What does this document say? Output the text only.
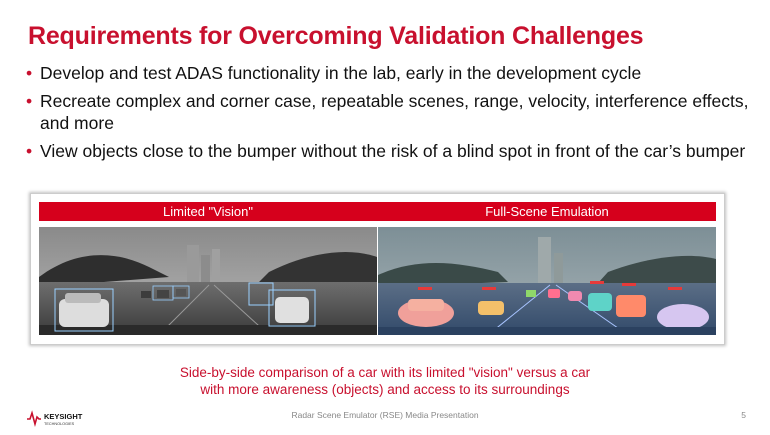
Requirements for Overcoming Validation Challenges
• Develop and test ADAS functionality in the lab, early in the development cycle
• Recreate complex and corner case, repeatable scenes, range, velocity, interference effects, and more
• View objects close to the bumper without the risk of a blind spot in front of the car’s bumper
Limited "Vision"	Full-Scene Emulation
Side-by-side comparison of a car with its limited "vision" versus a car
with more awareness (objects) and access to its surroundings
KEYSIGHT
TECHNOLOGIES
Radar Scene Emulator (RSE) Media Presentation	5
